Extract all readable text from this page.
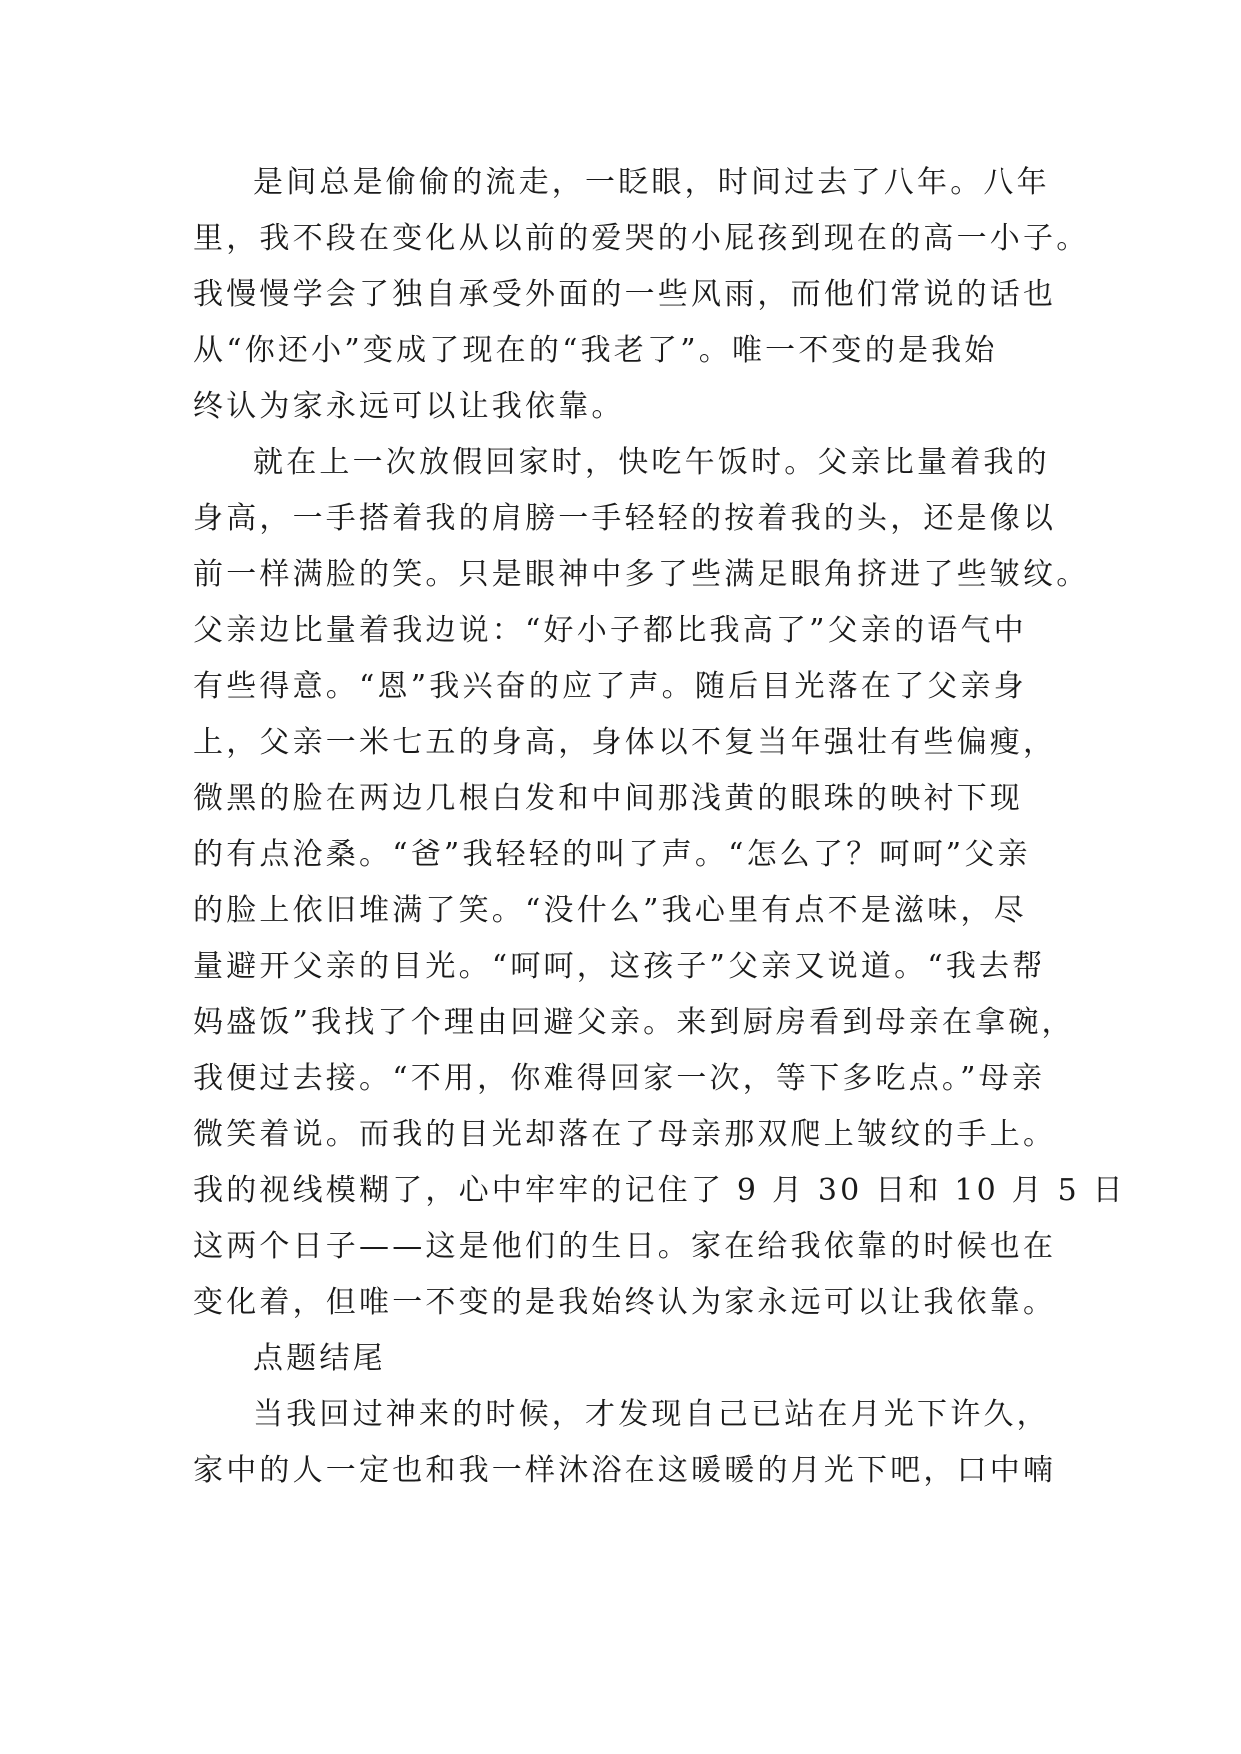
是间总是偷偷的流走，一眨眼，时间过去了八年。八年
里，我不段在变化从以前的爱哭的小屁孩到现在的高一小子。
我慢慢学会了独自承受外面的一些风雨，而他们常说的话也
从“你还小”变成了现在的“我老了”。唯一不变的是我始
终认为家永远可以让我依靠。
就在上一次放假回家时，快吃午饭时。父亲比量着我的
身高，一手搭着我的肩膀一手轻轻的按着我的头，还是像以
前一样满脸的笑。只是眼神中多了些满足眼角挤进了些皱纹。
父亲边比量着我边说：“好小子都比我高了”父亲的语气中
有些得意。“恩”我兴奋的应了声。随后目光落在了父亲身
上，父亲一米七五的身高，身体以不复当年强壮有些偏瘦，
微黑的脸在两边几根白发和中间那浅黄的眼珠的映衬下现
的有点沧桑。“爸”我轻轻的叫了声。“怎么了？呵呵”父亲
的脸上依旧堆满了笑。“没什么”我心里有点不是滋味，尽
量避开父亲的目光。“呵呵，这孩子”父亲又说道。“我去帮
妈盛饭”我找了个理由回避父亲。来到厨房看到母亲在拿碗，
我便过去接。“不用，你难得回家一次，等下多吃点。”母亲
微笑着说。而我的目光却落在了母亲那双爬上皱纹的手上。
我的视线模糊了，心中牢牢的记住了 9 月 30 日和 10 月 5 日
这两个日子——这是他们的生日。家在给我依靠的时候也在
变化着，但唯一不变的是我始终认为家永远可以让我依靠。
点题结尾
当我回过神来的时候，才发现自己已站在月光下许久，
家中的人一定也和我一样沐浴在这暖暖的月光下吧，口中喃
